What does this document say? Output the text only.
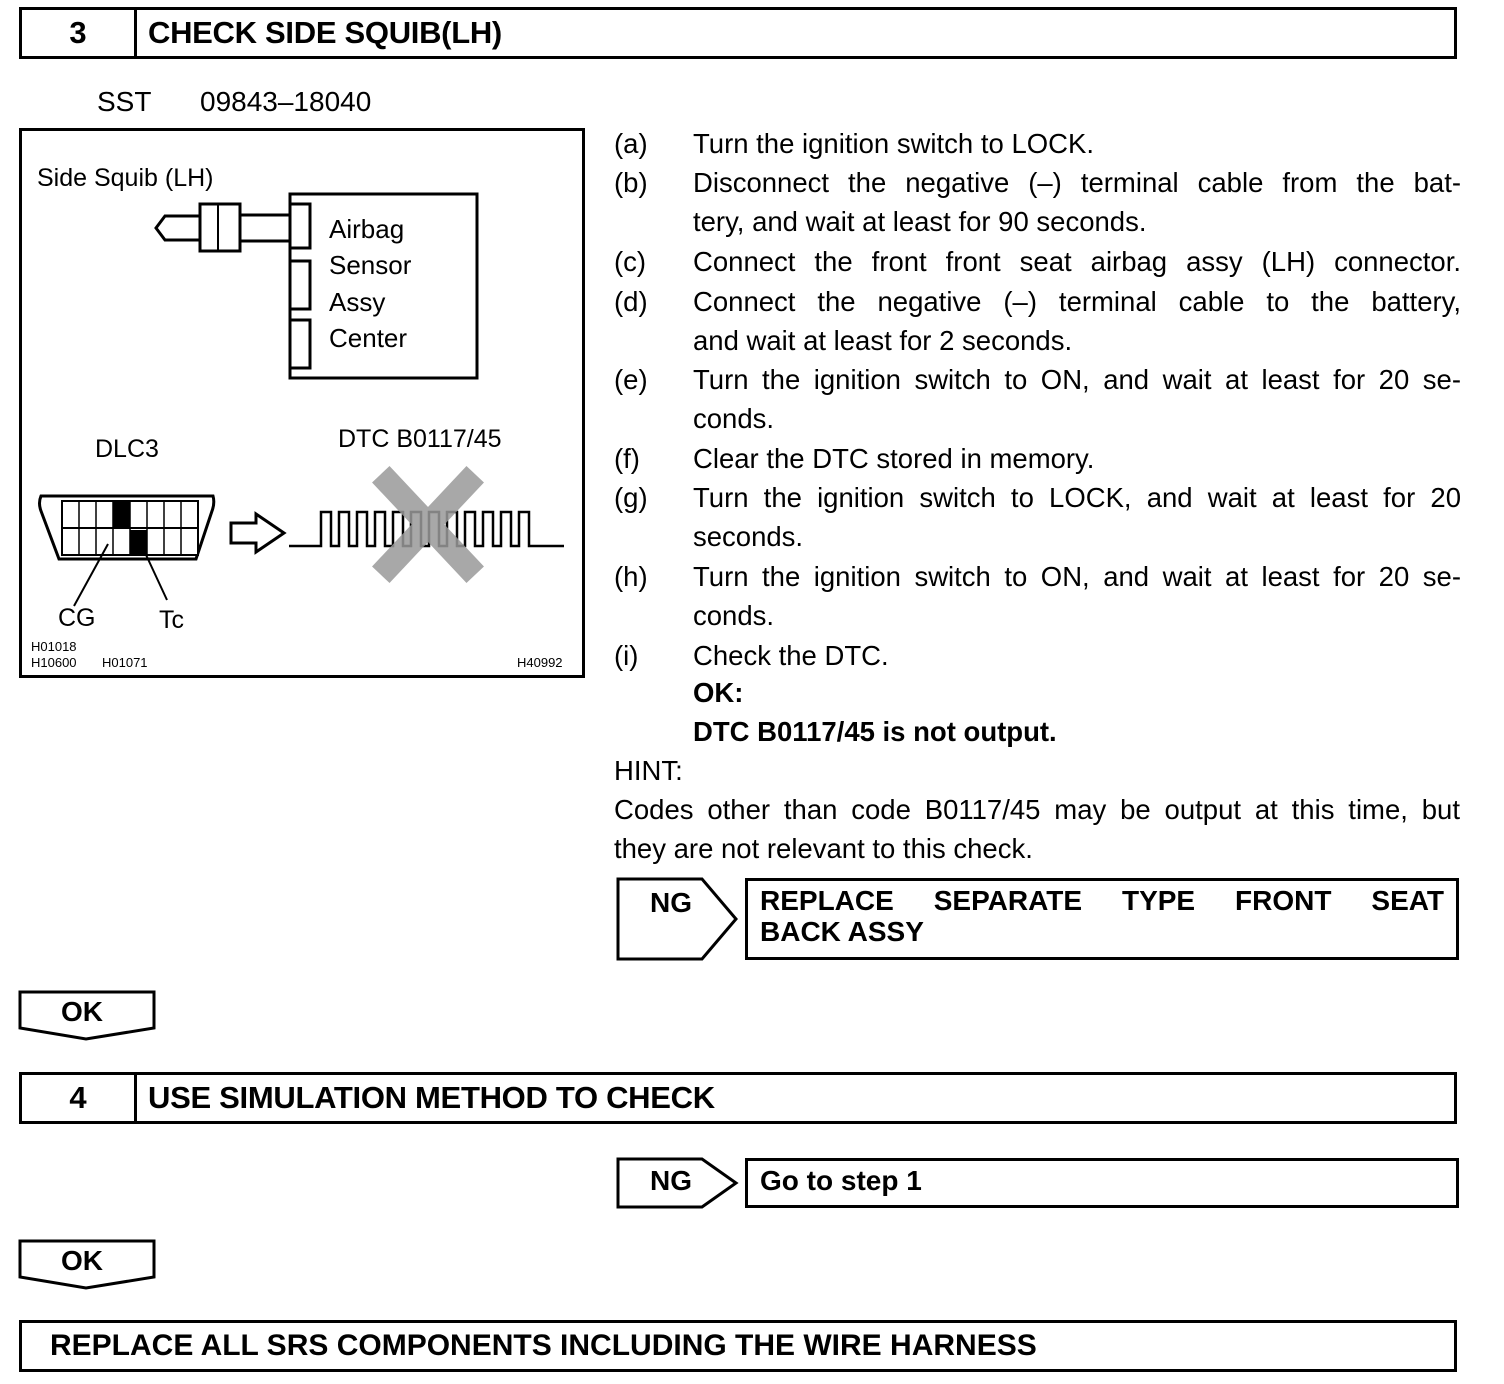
3	CHECK SIDE SQUIB(LH)
SST 09843–18040
Side Squib (LH)
Airbag
Sensor
Assy
Center
DLC3	DTC B0117/45
CG	Tc
H01018
H10600 H01071	H40992
(a) Turn the ignition switch to LOCK.
(b) Disconnect the negative (–) terminal cable from the bat-
tery, and wait at least for 90 seconds.
(c) Connect the front front seat airbag assy (LH) connector.
(d) Connect the negative (–) terminal cable to the battery,
and wait at least for 2 seconds.
(e) Turn the ignition switch to ON, and wait at least for 20 se-
conds.
(f) Clear the DTC stored in memory.
(g) Turn the ignition switch to LOCK, and wait at least for 20
seconds.
(h) Turn the ignition switch to ON, and wait at least for 20 se-
conds.
(i) Check the DTC.
OK:
DTC B0117/45 is not output.
HINT:
Codes other than code B0117/45 may be output at this time, but
they are not relevant to this check.
NG REPLACE SEPARATE TYPE FRONT SEAT
BACK ASSY
OK
4	USE SIMULATION METHOD TO CHECK
NG Go to step 1
OK
REPLACE ALL SRS COMPONENTS INCLUDING THE WIRE HARNESS
